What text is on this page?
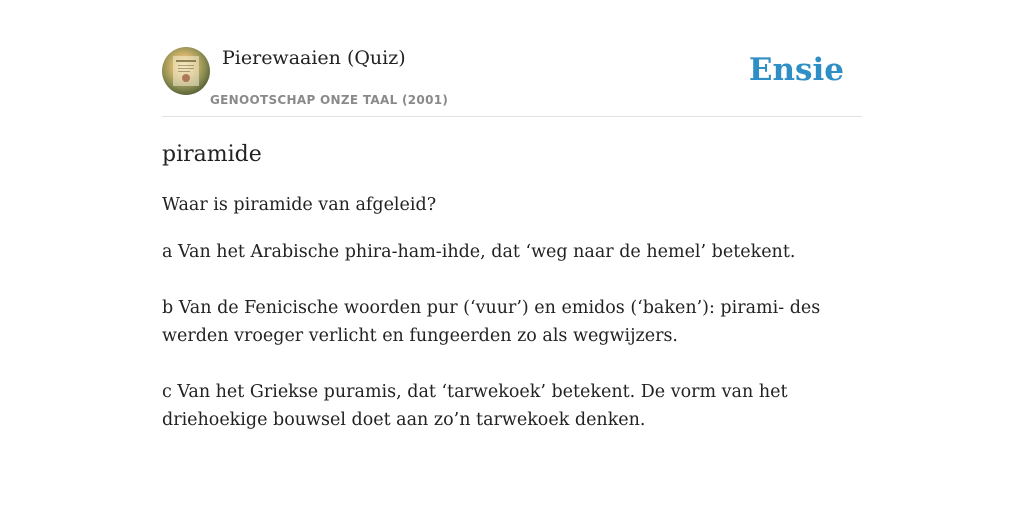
Pierewaaien (Quiz)
GENOOTSCHAP ONZE TAAL (2001)
Ensie
piramide

Waar is piramide van afgeleid?

a Van het Arabische phira-ham-ihde, dat ‘weg naar de hemel’ betekent.
b Van de Fenicische woorden pur (‘vuur’) en emidos (‘baken’): pirami- des werden vroeger verlicht en fungeerden zo als wegwijzers.
c Van het Griekse puramis, dat ‘tarwekoek’ betekent. De vorm van het driehoekige bouwsel doet aan zo’n tarwekoek denken.
